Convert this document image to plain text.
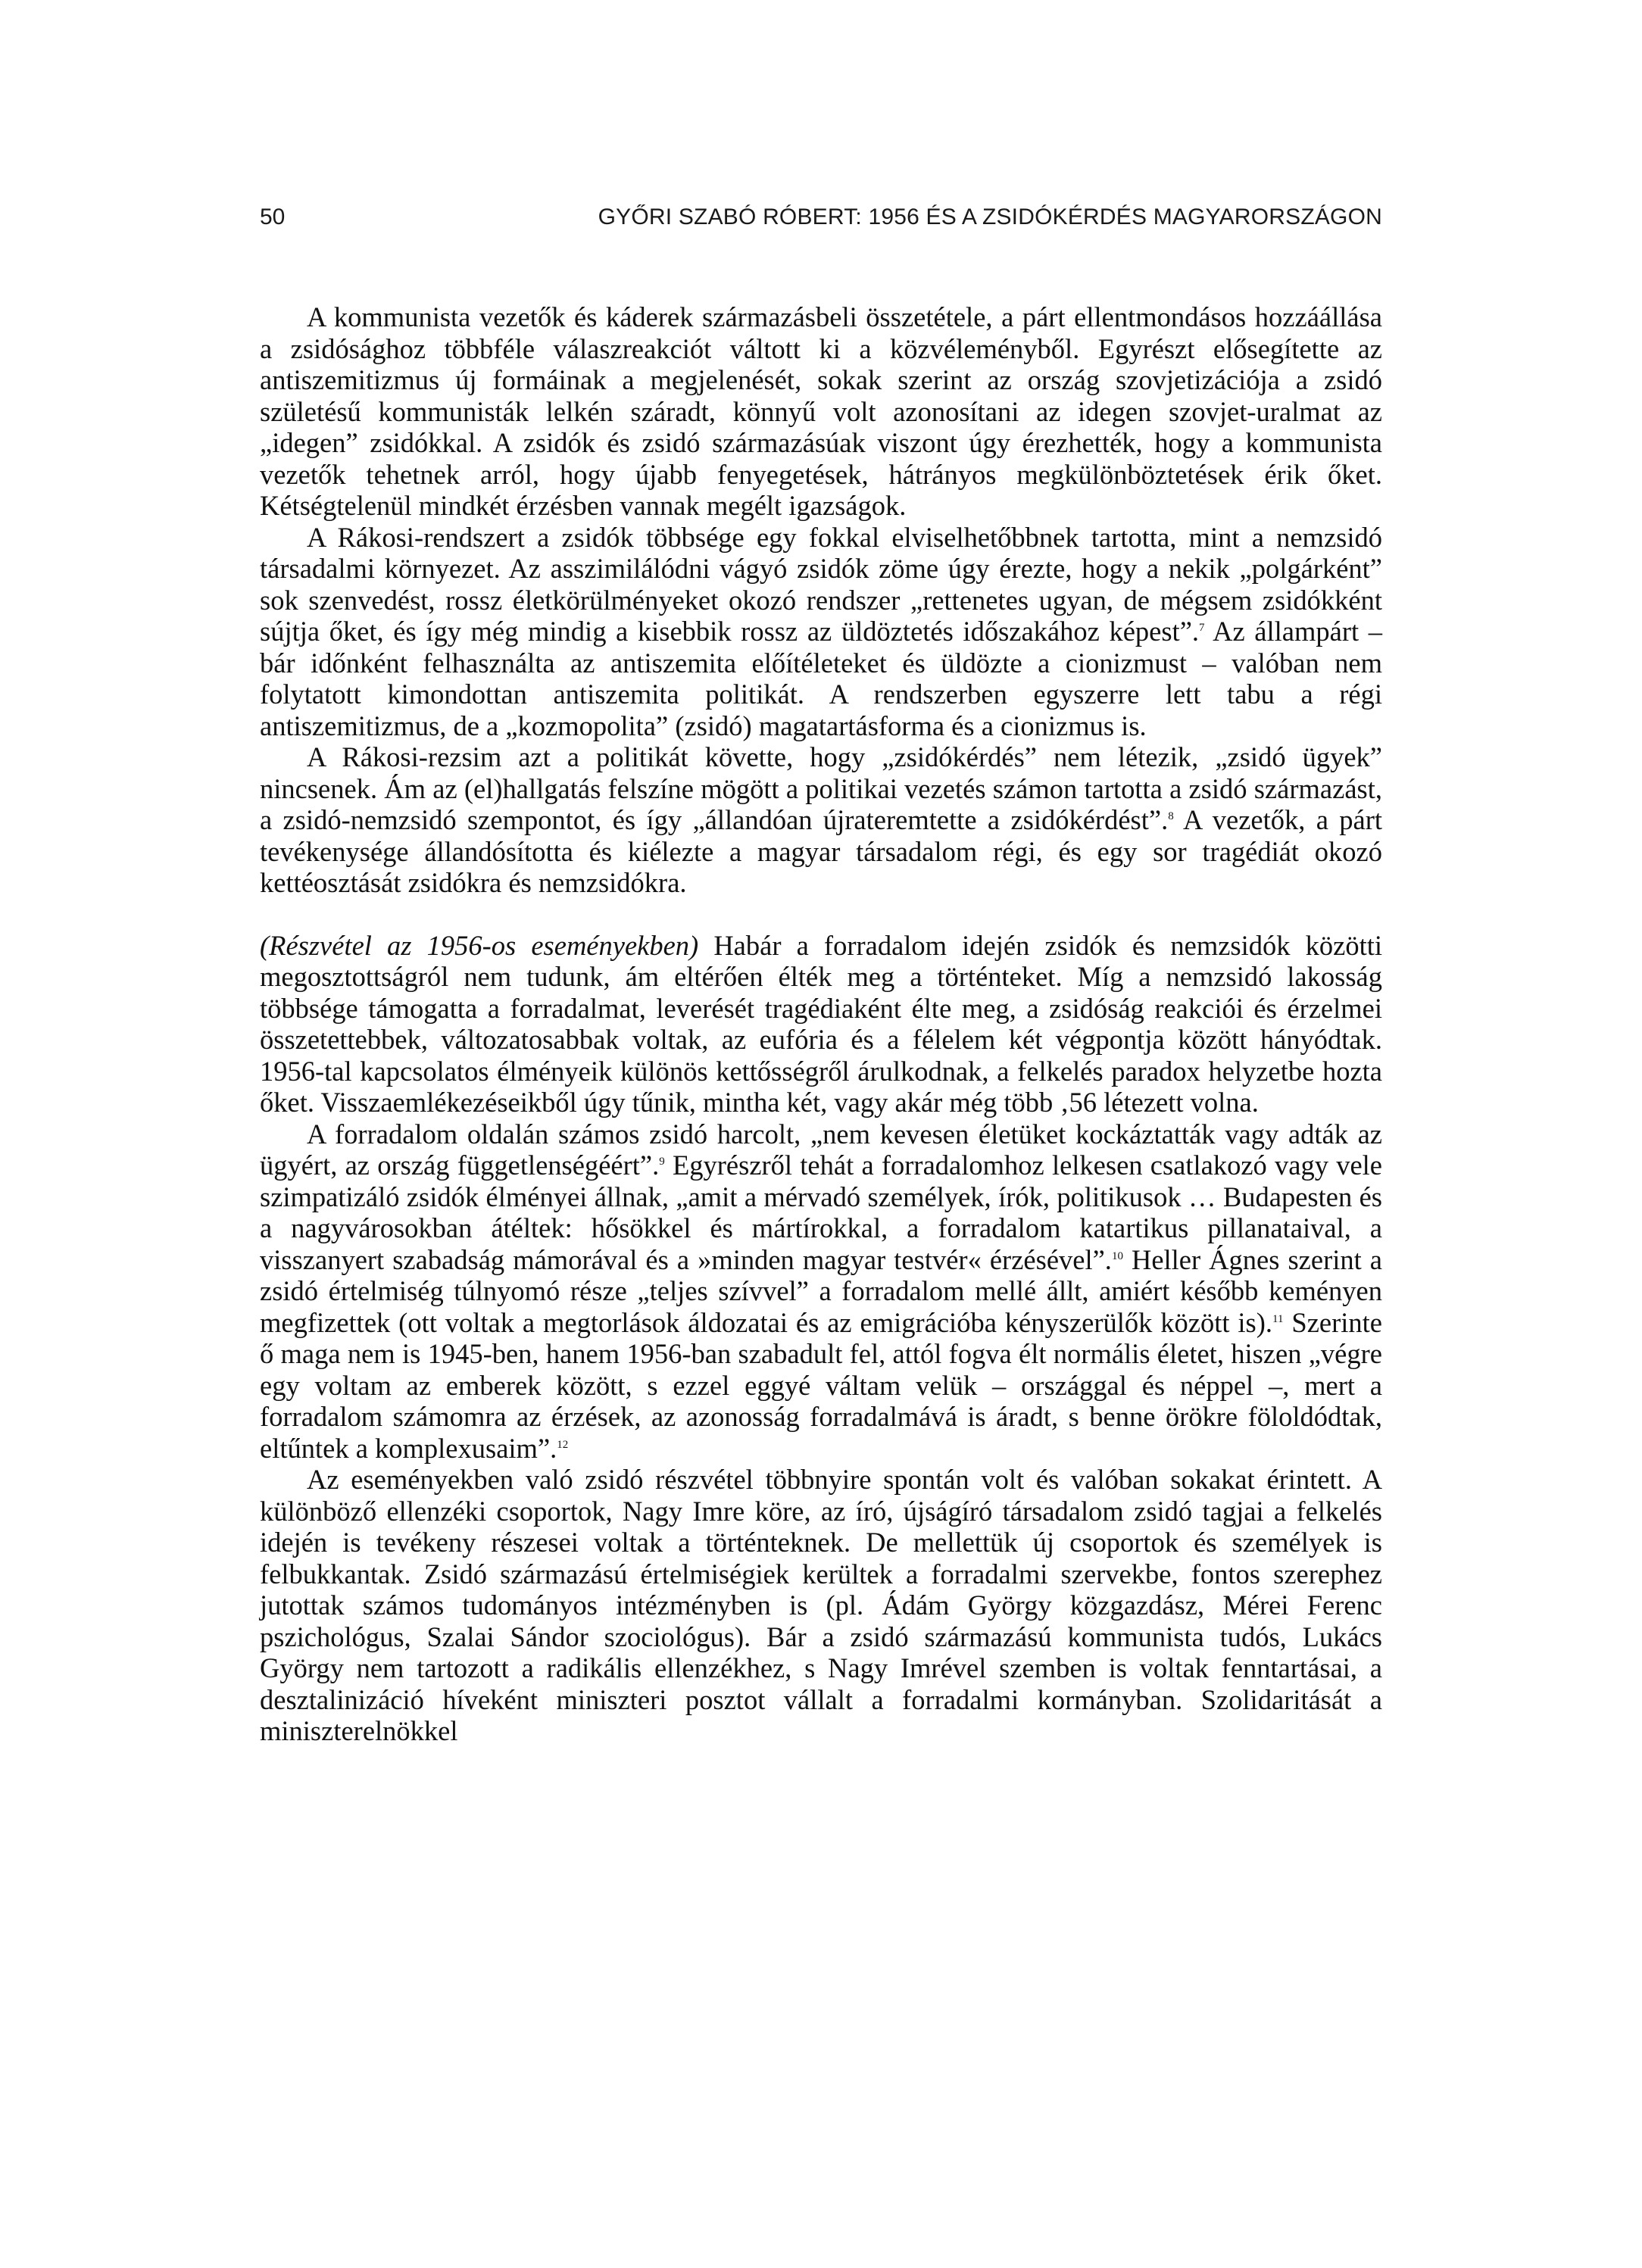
50	GYŐRI SZABÓ RÓBERT: 1956 ÉS A ZSIDÓKÉRDÉS MAGYARORSZÁGON

A kommunista vezetők és káderek származásbeli összetétele, a párt ellentmondásos hozzáállása a zsidósághoz többféle válaszreakciót váltott ki a közvéleményből. Egyrészt elősegítette az antiszemitizmus új formáinak a megjelenését, sokak szerint az ország szovjetizációja a zsidó születésű kommunisták lelkén száradt, könnyű volt azonosítani az idegen szovjet-uralmat az „idegen” zsidókkal. A zsidók és zsidó származásúak viszont úgy érezhették, hogy a kommunista vezetők tehetnek arról, hogy újabb fenyegetések, hátrányos megkülönböztetések érik őket. Kétségtelenül mindkét érzésben vannak megélt igazságok.

A Rákosi-rendszert a zsidók többsége egy fokkal elviselhetőbbnek tartotta, mint a nemzsidó társadalmi környezet. Az asszimilálódni vágyó zsidók zöme úgy érezte, hogy a nekik „polgárként” sok szenvedést, rossz életkörülményeket okozó rendszer „rettenetes ugyan, de mégsem zsidókként sújtja őket, és így még mindig a kisebbik rossz az üldöztetés időszakához képest”.$^7$ Az állampárt – bár időnként felhasználta az antiszemita előítéleteket és üldözte a cionizmust – valóban nem folytatott kimondottan antiszemita politikát. A rendszerben egyszerre lett tabu a régi antiszemitizmus, de a „kozmopolita” (zsidó) magatartásforma és a cionizmus is.

A Rákosi-rezsim azt a politikát követte, hogy „zsidókérdés” nem létezik, „zsidó ügyek” nincsenek. Ám az (el)hallgatás felszíne mögött a politikai vezetés számon tartotta a zsidó származást, a zsidó-nemzsidó szempontot, és így „állandóan újrateremtette a zsidókérdést”.$^8$ A vezetők, a párt tevékenysége állandósította és kiélezte a magyar társadalom régi, és egy sor tragédiát okozó kettéosztását zsidókra és nemzsidókra.

(Részvétel az 1956-os eseményekben) Habár a forradalom idején zsidók és nemzsidók közötti megosztottságról nem tudunk, ám eltérően élték meg a történteket. Míg a nemzsidó lakosság többsége támogatta a forradalmat, leverését tragédiaként élte meg, a zsidóság reakciói és érzelmei összetettebbek, változatosabbak voltak, az eufória és a félelem két végpontja között hányódtak. 1956-tal kapcsolatos élményeik különös kettősségről árulkodnak, a felkelés paradox helyzetbe hozta őket. Visszaemlékezéseikből úgy tűnik, mintha két, vagy akár még több ‚56 létezett volna.

A forradalom oldalán számos zsidó harcolt, „nem kevesen életüket kockáztatták vagy adták az ügyért, az ország függetlenségéért”.$^9$ Egyrészről tehát a forradalomhoz lelkesen csatlakozó vagy vele szimpatizáló zsidók élményei állnak, „amit a mérvadó személyek, írók, politikusok … Budapesten és a nagyvárosokban átéltek: hősökkel és mártírokkal, a forradalom katartikus pillanataival, a visszanyert szabadság mámorával és a »minden magyar testvér« érzésével”.$^{10}$ Heller Ágnes szerint a zsidó értelmiség túlnyomó része „teljes szívvel” a forradalom mellé állt, amiért később keményen megfizettek (ott voltak a megtorlások áldozatai és az emigrációba kényszerülők között is).$^{11}$ Szerinte ő maga nem is 1945-ben, hanem 1956-ban szabadult fel, attól fogva élt normális életet, hiszen „végre egy voltam az emberek között, s ezzel eggyé váltam velük – országgal és néppel –, mert a forradalom számomra az érzések, az azonosság forradalmává is áradt, s benne örökre föloldódtak, eltűntek a komplexusaim”.$^{12}$

Az eseményekben való zsidó részvétel többnyire spontán volt és valóban sokakat érintett. A különböző ellenzéki csoportok, Nagy Imre köre, az író, újságíró társadalom zsidó tagjai a felkelés idején is tevékeny részesei voltak a történteknek. De mellettük új csoportok és személyek is felbukkantak. Zsidó származású értelmiségiek kerültek a forradalmi szervekbe, fontos szerephez jutottak számos tudományos intézményben is (pl. Ádám György közgazdász, Mérei Ferenc pszichológus, Szalai Sándor szociológus). Bár a zsidó származású kommunista tudós, Lukács György nem tartozott a radikális ellenzékhez, s Nagy Imrével szemben is voltak fenntartásai, a desztalinizáció híveként miniszteri posztot vállalt a forradalmi kormányban. Szolidaritását a miniszterelnökkel
